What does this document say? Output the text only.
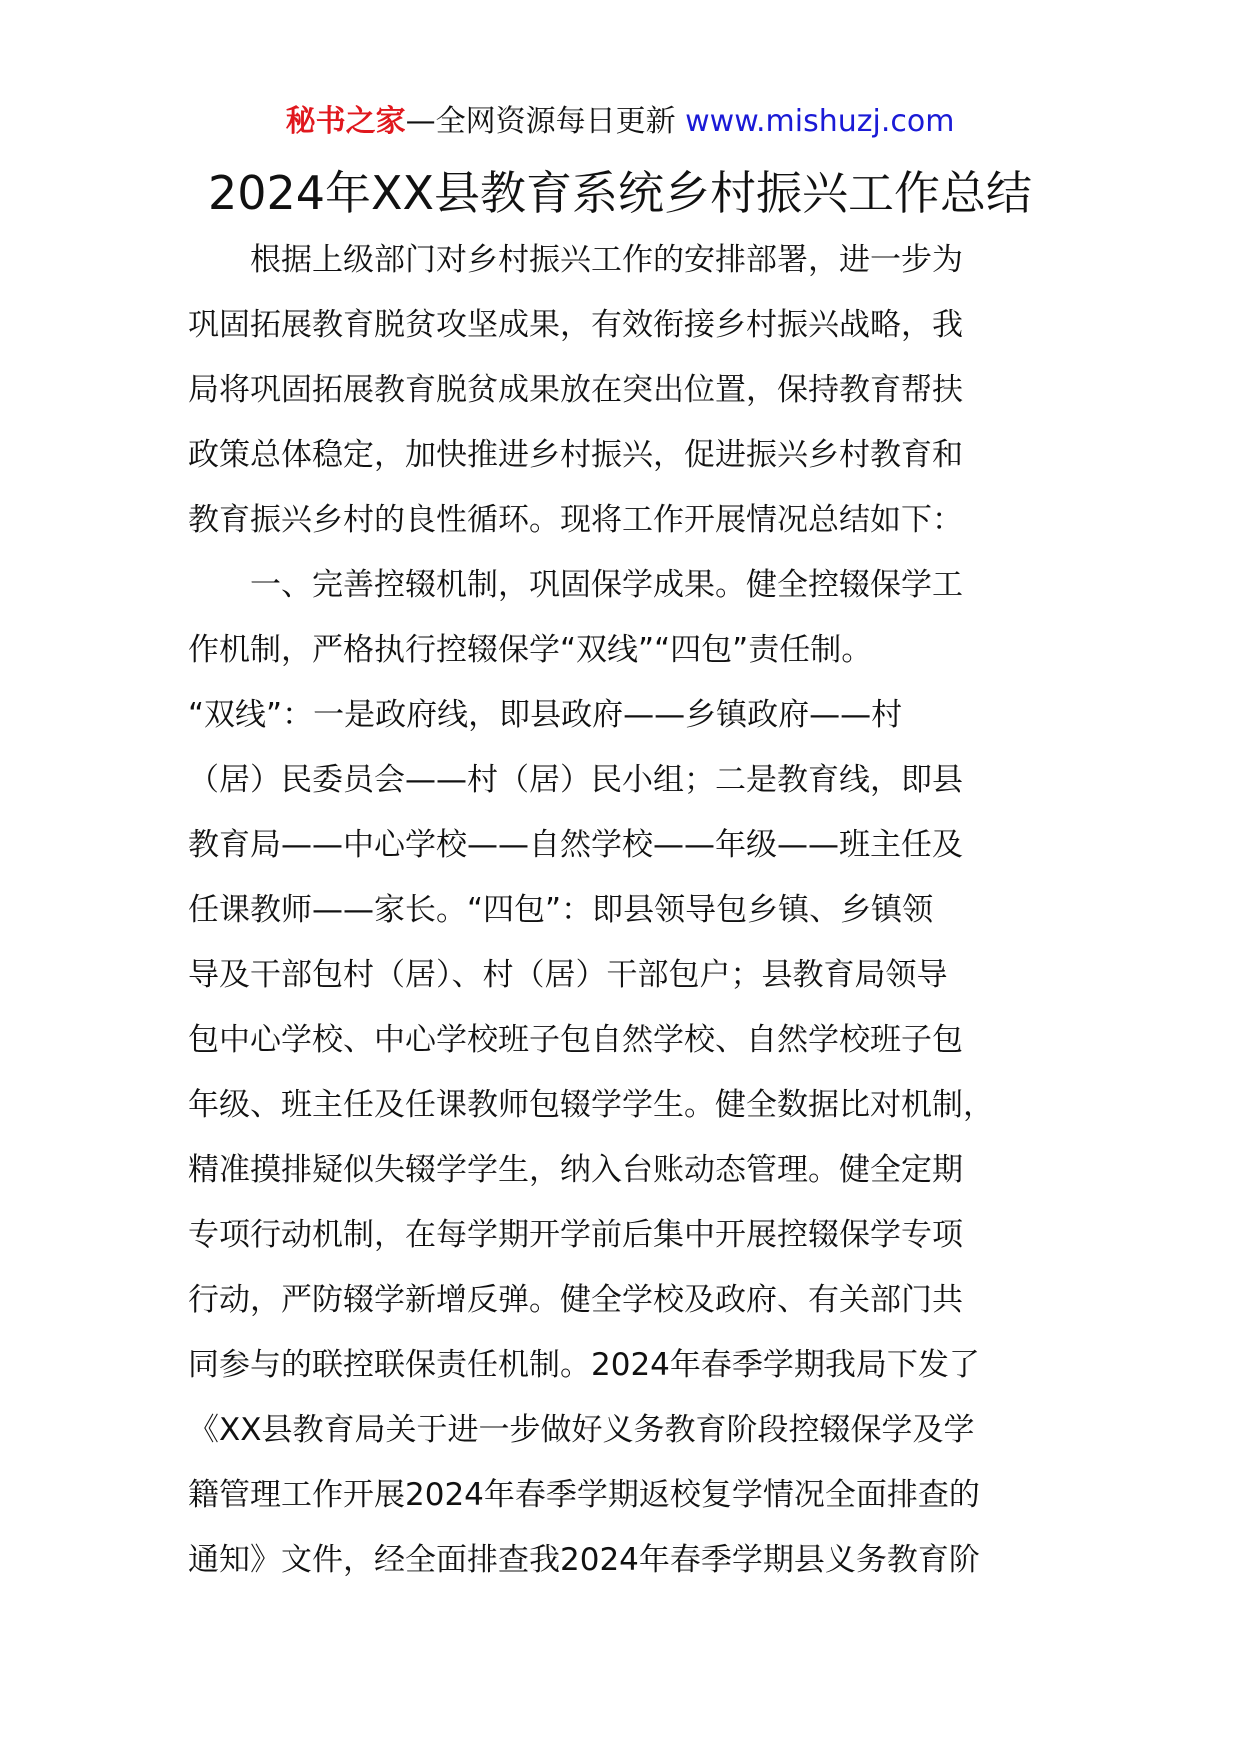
秘书之家—全网资源每日更新 www.mishuzj.com
2024年XX县教育系统乡村振兴工作总结
　　根据上级部门对乡村振兴工作的安排部署，进一步为
巩固拓展教育脱贫攻坚成果，有效衔接乡村振兴战略，我
局将巩固拓展教育脱贫成果放在突出位置，保持教育帮扶
政策总体稳定，加快推进乡村振兴，促进振兴乡村教育和
教育振兴乡村的良性循环。现将工作开展情况总结如下：
　　一、完善控辍机制，巩固保学成果。健全控辍保学工
作机制，严格执行控辍保学“双线”“四包”责任制。
“双线”：一是政府线，即县政府——乡镇政府——村
（居）民委员会——村（居）民小组；二是教育线，即县
教育局——中心学校——自然学校——年级——班主任及
任课教师——家长。“四包”：即县领导包乡镇、乡镇领
导及干部包村（居）、村（居）干部包户；县教育局领导
包中心学校、中心学校班子包自然学校、自然学校班子包
年级、班主任及任课教师包辍学学生。健全数据比对机制，
精准摸排疑似失辍学学生，纳入台账动态管理。健全定期
专项行动机制，在每学期开学前后集中开展控辍保学专项
行动，严防辍学新增反弹。健全学校及政府、有关部门共
同参与的联控联保责任机制。2024年春季学期我局下发了
《XX县教育局关于进一步做好义务教育阶段控辍保学及学
籍管理工作开展2024年春季学期返校复学情况全面排查的
通知》文件，经全面排查我2024年春季学期县义务教育阶
